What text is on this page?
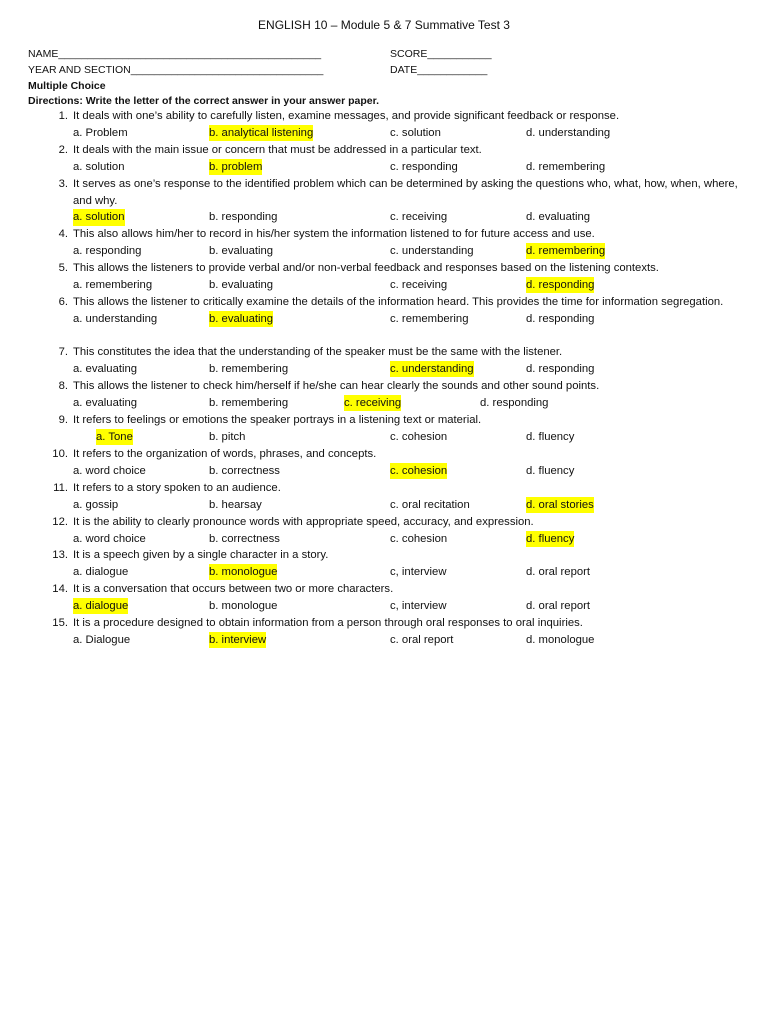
ENGLISH 10 – Module 5 & 7 Summative Test 3
NAME_____________________________________________	SCORE___________
YEAR AND SECTION_________________________________	DATE____________
Multiple Choice
Directions: Write the letter of the correct answer in your answer paper.
1. It deals with one’s ability to carefully listen, examine messages, and provide significant feedback or response.
a. Problem	b. analytical listening	c. solution	d. understanding
2. It deals with the main issue or concern that must be addressed in a particular text.
a. solution	b. problem	c. responding	d. remembering
3. It serves as one’s response to the identified problem which can be determined by asking the questions who, what, how, when, where, and why.
a. solution	b. responding	c. receiving	d. evaluating
4. This also allows him/her to record in his/her system the information listened to for future access and use.
a. responding	b. evaluating	c. understanding	d. remembering
5. This allows the listeners to provide verbal and/or non-verbal feedback and responses based on the listening contexts.
a. remembering	b. evaluating	c. receiving	d. responding
6. This allows the listener to critically examine the details of the information heard. This provides the time for information segregation.
a. understanding	b. evaluating	c. remembering	d. responding
7. This constitutes the idea that the understanding of the speaker must be the same with the listener.
a. evaluating	b. remembering	c. understanding	d. responding
8. This allows the listener to check him/herself if he/she can hear clearly the sounds and other sound points.
a. evaluating	b. remembering	c. receiving	d. responding
9. It refers to feelings or emotions the speaker portrays in a listening text or material.
a. Tone	b. pitch	c. cohesion	d. fluency
10. It refers to the organization of words, phrases, and concepts.
a. word choice	b. correctness	c. cohesion	d. fluency
11. It refers to a story spoken to an audience.
a. gossip	b. hearsay	c. oral recitation	d. oral stories
12. It is the ability to clearly pronounce words with appropriate speed, accuracy, and expression.
a. word choice	b. correctness	c. cohesion	d. fluency
13. It is a speech given by a single character in a story.
a. dialogue	b. monologue	c, interview	d. oral report
14. It is a conversation that occurs between two or more characters.
a. dialogue	b. monologue	c, interview	d. oral report
15. It is a procedure designed to obtain information from a person through oral responses to oral inquiries.
a. Dialogue	b. interview	c. oral report	d. monologue
